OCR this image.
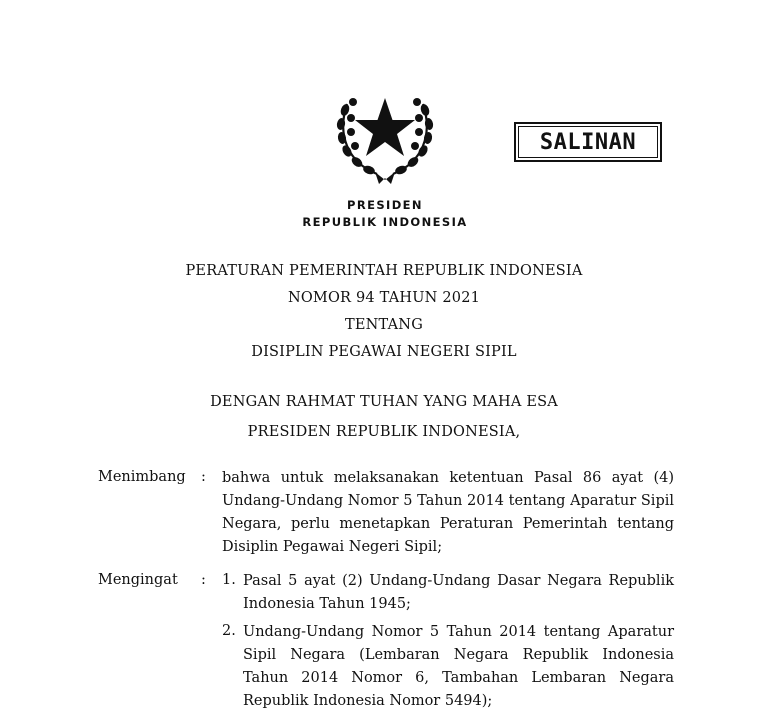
SALINAN
PRESIDEN
REPUBLIK INDONESIA
PERATURAN PEMERINTAH REPUBLIK INDONESIA
NOMOR 94 TAHUN 2021
TENTANG
DISIPLIN PEGAWAI NEGERI SIPIL
DENGAN RAHMAT TUHAN YANG MAHA ESA
PRESIDEN REPUBLIK INDONESIA,
Menimbang : bahwa untuk melaksanakan ketentuan Pasal 86 ayat (4) Undang-Undang Nomor 5 Tahun 2014 tentang Aparatur Sipil Negara, perlu menetapkan Peraturan Pemerintah tentang Disiplin Pegawai Negeri Sipil;
Mengingat : 1. Pasal 5 ayat (2) Undang-Undang Dasar Negara Republik Indonesia Tahun 1945;
2. Undang-Undang Nomor 5 Tahun 2014 tentang Aparatur Sipil Negara (Lembaran Negara Republik Indonesia Tahun 2014 Nomor 6, Tambahan Lembaran Negara Republik Indonesia Nomor 5494);
